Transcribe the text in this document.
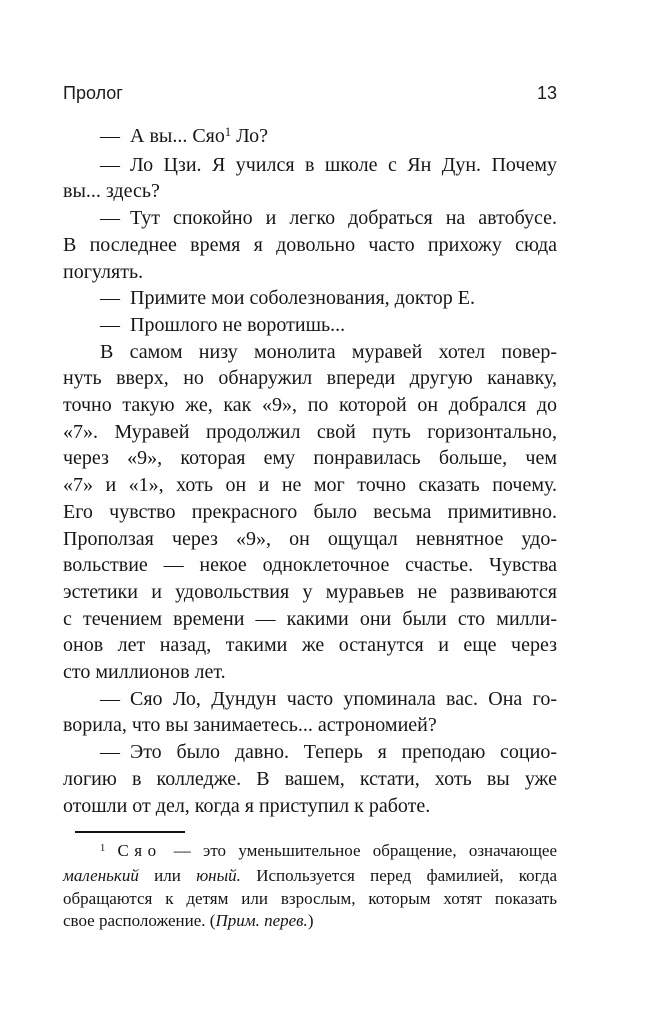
Пролог	13
— А вы... Сяо$^1$ Ло?
— Ло Цзи. Я учился в школе с Ян Дун. Почему
вы... здесь?
— Тут спокойно и легко добраться на автобусе.
В последнее время я довольно часто прихожу сюда
погулять.
— Примите мои соболезнования, доктор Е.
— Прошлого не воротишь...
В самом низу монолита муравей хотел повер-
нуть вверх, но обнаружил впереди другую канавку,
точно такую же, как «9», по которой он добрался до
«7». Муравей продолжил свой путь горизонтально,
через «9», которая ему понравилась больше, чем
«7» и «1», хоть он и не мог точно сказать почему.
Его чувство прекрасного было весьма примитивно.
Проползая через «9», он ощущал невнятное удо-
вольствие — некое одноклеточное счастье. Чувства
эстетики и удовольствия у муравьев не развиваются
с течением времени — какими они были сто милли-
онов лет назад, такими же останутся и еще через
сто миллионов лет.
— Сяо Ло, Дундун часто упоминала вас. Она го-
ворила, что вы занимаетесь... астрономией?
— Это было давно. Теперь я преподаю социо-
логию в колледже. В вашем, кстати, хоть вы уже
отошли от дел, когда я приступил к работе.
$^1$ Сяо — это уменьшительное обращение, означающее
маленький или юный. Используется перед фамилией, когда
обращаются к детям или взрослым, которым хотят показать
свое расположение. (Прим. перев.)
